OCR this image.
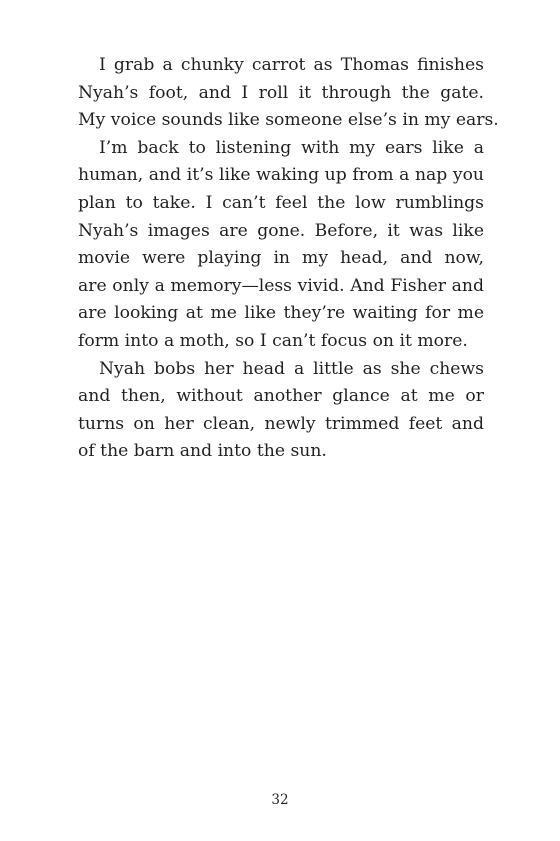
I grab a chunky carrot as Thomas finishes
Nyah’s foot, and I roll it through the gate.
My voice sounds like someone else’s in my ears.
I’m back to listening with my ears like a
human, and it’s like waking up from a nap you
plan to take. I can’t feel the low rumblings
Nyah’s images are gone. Before, it was like
movie were playing in my head, and now,
are only a memory—less vivid. And Fisher and
are looking at me like they’re waiting for me
form into a moth, so I can’t focus on it more.
Nyah bobs her head a little as she chews
and then, without another glance at me or
turns on her clean, newly trimmed feet and
of the barn and into the sun.
32
